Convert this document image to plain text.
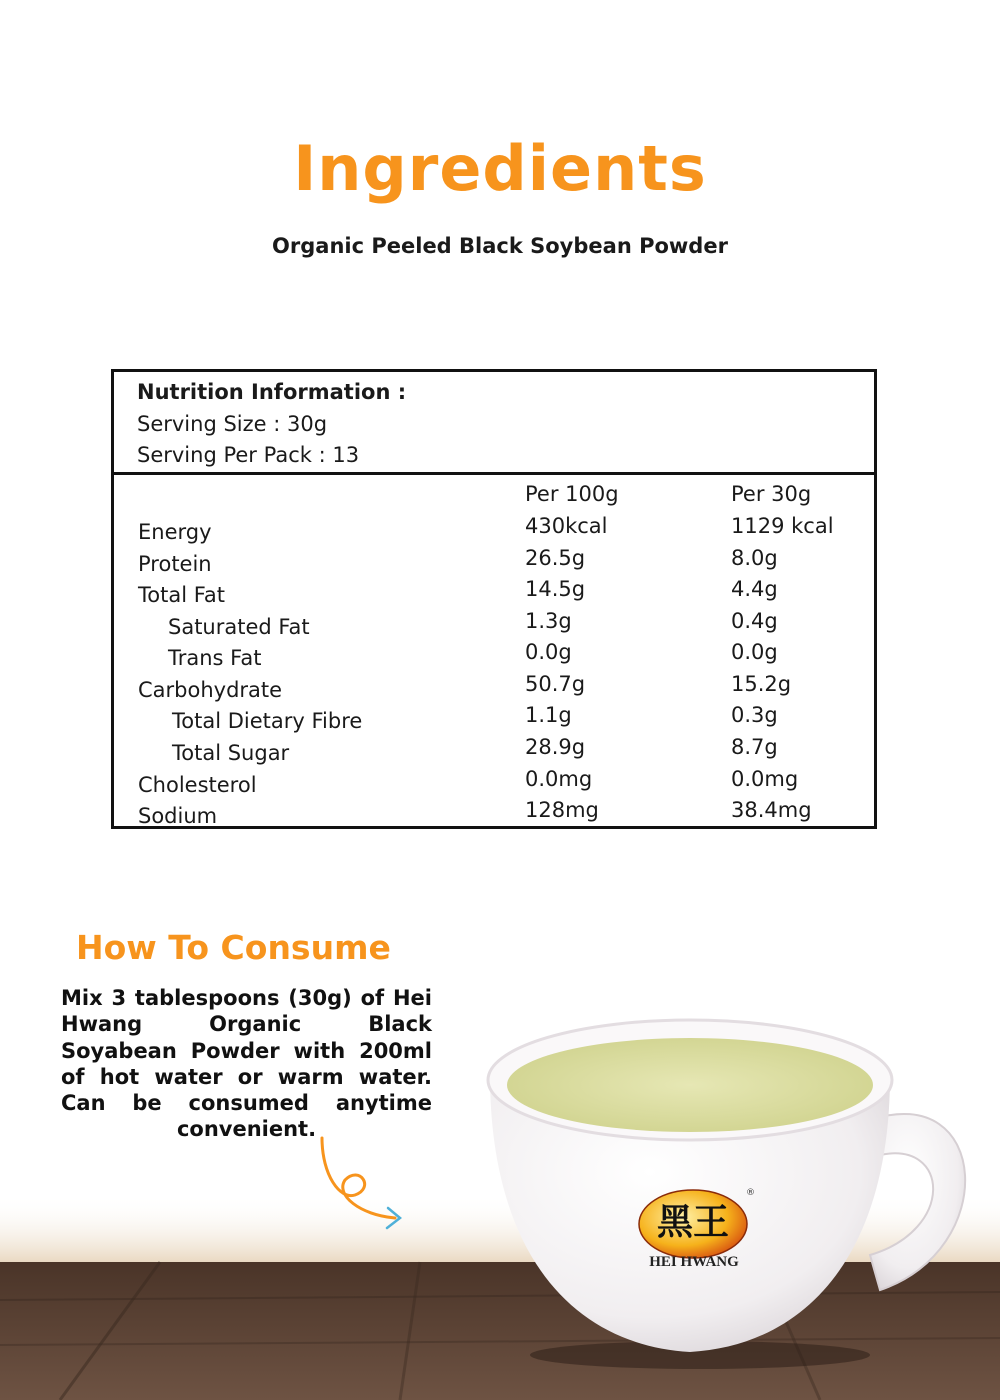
Ingredients
Organic Peeled Black Soybean Powder
Nutrition Information :
Serving Size : 30g
Serving Per Pack : 13
Per 100g	Per 30g
Energy	430kcal	1129 kcal
Protein	26.5g	8.0g
Total Fat	14.5g	4.4g
Saturated Fat	1.3g	0.4g
Trans Fat	0.0g	0.0g
Carbohydrate	50.7g	15.2g
Total Dietary Fibre	1.1g	0.3g
Total Sugar	28.9g	8.7g
Cholesterol	0.0mg	0.0mg
Sodium	128mg	38.4mg
How To Consume
Mix 3 tablespoons (30g) of Hei Hwang Organic Black Soyabean Powder with 200ml of hot water or warm water. Can be consumed anytime convenient.
黑王
HEI HWANG
®
